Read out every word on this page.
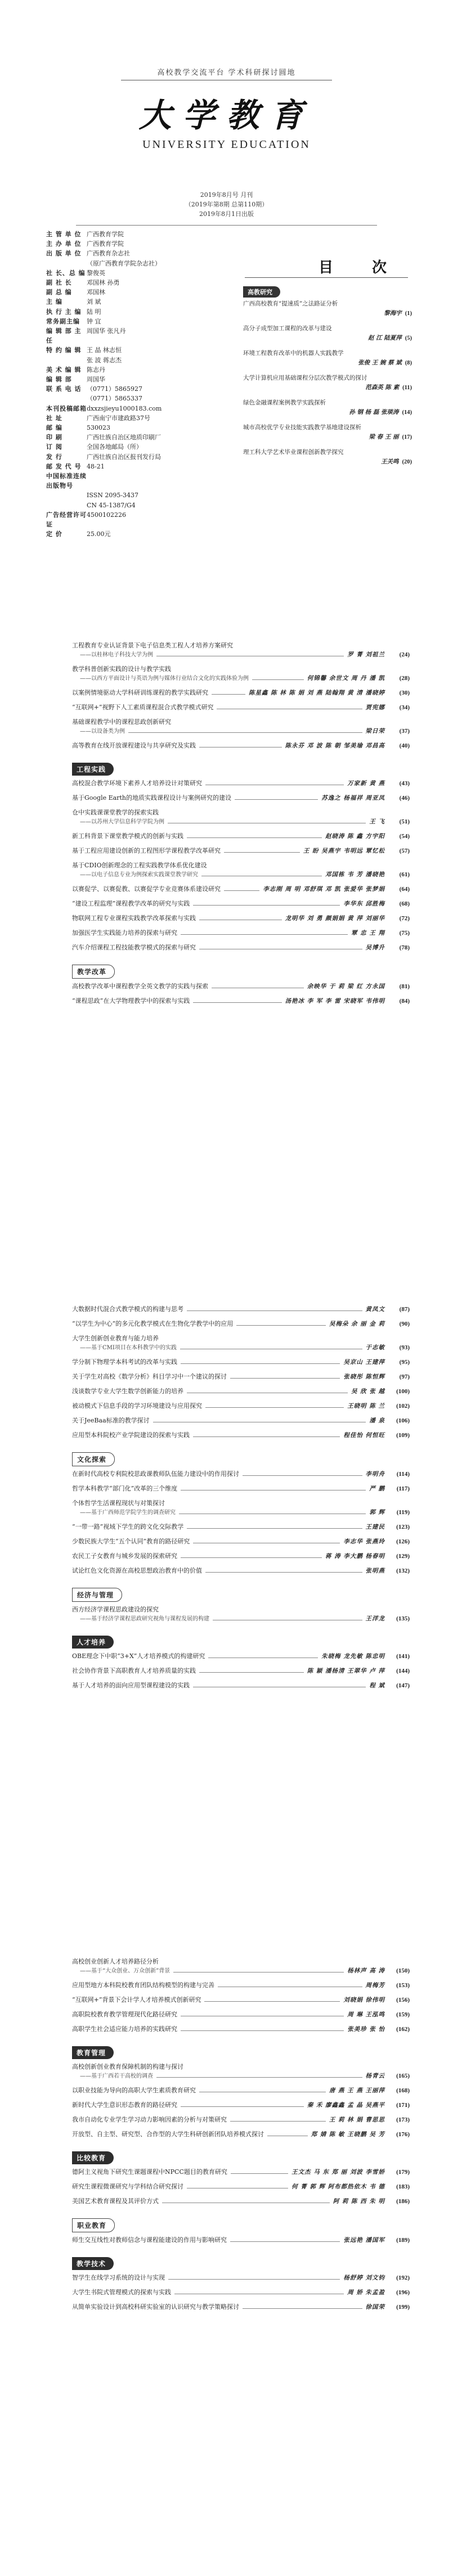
高校教学交流平台 学术科研探讨圆地
大学教育
UNIVERSITY EDUCATION
2019年8月号 月刊
（2019年第8期 总第110期）
2019年8月1日出版
主 管 单 位 广西教育学院
主 办 单 位 广西教育学院
出 版 单 位 广西教育杂志社
（原广西教育学院杂志社）
社 长、总 编 黎俊英
副 社 长	邓国林 孙勇
副 总 编	邓国林
主 编	刘 斌
执 行 主 编 陆 明
常务副主编	钟 宜
编 辑 部 主 任
周国华 张凡丹
特 约 编 辑 王 晶 林志恒
张 波 蒋志杰
美 术 编 辑 陈志丹
编 辑 部	周国华
联 系 电 话 （0771）5865927
（0771）5865337
本刊投稿邮箱 dxxzsjieyu1000183.com
社 址	广西南宁市建政路37号
邮 编	530023
印 刷	广西壮族自治区地质印刷厂
订 阅	全国各地邮局（所）
发 行	广西壮族自治区报刊发行局
邮 发 代 号 48-21
中国标准连续出版物号
ISSN 2095-3437
CN 45-1387/G4
广告经营许可证
4500102226
定 价	25.00元
目 次
高教研究
广西高校教育“提速质”之法路证分析
黎海宇 (1)
高分子成型加工课程的改革与建设
赵 江 陆夏萍 (5)
环境工程教育改革中的机器人实践教学
张俊 王 婉 蔡 斌 (8)
大学计算机应用基础课程分层次教学模式的探讨
范森英 陈 素 (11)
绿色金融课程案例教学实践探析
孙 钢 杨 磊 张琰涛 (14)
城市高校优学专业技能实践教学基地建设探析
梁 春 王 丽 (17)
理工科大学艺术毕业课程创新教学探究
王关鸣 (20)
工程教育专业认证背景下电子信息类工程人才培养方案研究
——以桂林电子科技大学为例	罗 菁 刘祖兰	(24)
教学科普创新实践的设计与教学实践
——以西方平面设计与英语为例与媒体行业结合文化的实践体验为例	何锦馨 余世文 周 丹 潘 凯	(28)
以案例情境驱动大学科研训练课程的教学实践研究	陈星鑫 陈 林 陈 娟 刘 燕 陆翰翔 黄 清 潘晓婷	(30)
“互联网+”视野下人工素质课程混合式教学模式研究	贾宪娜	(34)
基础课程教学中的课程思政创新研究
——以设备类为例	梁日荣	(37)
高等教育在线开放课程建设与共享研究及实践	陈永芬 邓 波 陈 朝 邹美瑜 邓昌高	(40)
工程实践
高校混合教学环境下素养人才培养设计对策研究	万家新 黄 燕	(43)
基于Google Earth的地质实践课程设计与案例研究的建设	苏逸之 杨福祥 周亚凤	(46)
仓中实践课课堂教学的探索实践
——以苏州大学信息科学学院为例	王 飞	(51)
新工科背景下课堂教学模式的创新与实践	赵晓涛 陈 鑫 方宇阳	(54)
基于工程应用建设创新的工程图形学课程教学改革研究	王 盼 吴燕宇 韦明远 覃忆松	(57)
基于CDIO创新理念的工程实践教学体系优化建设
——以电子信息专业为例探索实践课堂教学研究	邓国栋 韦 芳 潘晓艳	(61)
以赛促学、以赛促教、以赛促学专业竞赛体系建设研究	李志刚 周 明 邓舒琪 邓 凯 张爱华 张梦娟	(64)
“建设工程监理”课程教学改革的研究与实践	李华东 邱胜梅	(68)
物联网工程专业课程实践教学改革探索与实践	龙明华 刘 勇 颜娟娟 黄 萍 刘丽华	(72)
加强医学生实践能力培养的探索与研究	覃 忠 王 翔	(75)
汽车介绍课程工程技能教学模式的探索与研究	吴博升	(78)
教学改革
高校教学改革中课程教学全英文教学的实践与探索	余映华 于 莉 梁 红 方永国	(81)
“课程思政”在大学物理教学中的探索与实践	汤艳冰 李 军 李 雷 宋晓军 韦伟明	(84)
大数据时代混合式教学模式的构建与思考	黄凤文	(87)
“以学生为中心”的多元化教学模式在生物化学教学中的应用	吴梅朵 余 丽 金 莉	(90)
大学生创新创业教育与能力培养
——基于CMI项目在本科教学中的实践	于志敏	(93)
学分制下物理学本科考试的改革与实践	吴京山 王建萍	(95)
关于学生对高校《数学分析》科目学习中一个建议的探讨	张晓彤 陈恒辉	(97)
浅谈数学专业大学生数学创新能力的培养	吴 欣 张 越	(100)
被动模式下信息手段的学习环境建设与应用探究	王晓明 陈 兰	(102)
关于JeeBaa标准的教学探讨	潘 泉	(106)
应用型本科院校产业学院建设的探索与实践	程佳怡 何恒旺	(109)
文化探索
在新时代高校专利院校思政课教师队伍能力建设中的作用探讨	李明舟	(114)
哲学本科教学“部门化”改革的三个维度	严 鹏	(117)
个体哲学生活课程现状与对策探讨
——基于广西师范学院学生的调查研究	郭 辉	(119)
“一带一路”视域下学生的跨文化交际教学	王建民	(123)
少数民族大学生“五个认同”教育的路径研究	李志华 张燕玲	(126)
农民工子女教育与城乡发展的探索研究	蒋 涛 李大鹏 杨春明	(129)
试论红色文化资源在高校思想政治教育中的价值	张明燕	(132)
经济与管理
西方经济学课程思政建设的探究
——基于经济学课程思政研究视角与课程发展的构建	王洋龙	(135)
人才培养
OBE理念下中职“3+X”人才培养模式的构建研究	朱晓梅 龙先敏 陈忠明	(141)
社会协作背景下高职教育人才培养质量的实践	陈 颖 潘杨清 王翠华 卢 萍	(144)
基于人才培养的面向应用型课程建设的实践	程 斌	(147)
高校创业创新人才培养路径分析
——基于“大众创业、万众创新”背景	杨林声 高 涛	(150)
应用型地方本科院校教育团队结构模型的构建与完善	周梅芳	(153)
“互联网+”背景下会计学人才培养模式创新研究	刘晓娟 徐伟明	(156)
高职院校教育教学管理现代化路径研究	周 琳 王泓鸣	(159)
高职学生社会适应能力培养的实践研究	张美珍 张 怡	(162)
教育管理
高校创新创业教育保障机制的构建与探讨
——基于广西若干高校的调查	杨青云	(165)
以职业技能为导向的高职大学生素质教育研究	唐 燕 王 燕 王丽萍	(168)
新时代大学生意识形态教育的路径研究	秦 禾 廖鑫鑫 孟 晶 吴燕平	(171)
我市自动化专业学生学习动力影响因素的分析与对策研究	王 莉 林 娟 曹思思	(173)
开放型、自主型、研究型、合作型的大学生科研创新团队培养模式探讨	郑 婧 陈 敏 王晓鹏 吴 芳	(176)
比较教育
德阿主义视角下研究生课题课程中NPCC题目的教育研究	王文杰 马 东 郑 丽 刘波 李雪娇	(179)
研究生课程微课研究与学科结合研究探讨	何 菁 郭 辉 阿布都热依木 韦 德	(183)
美国艺术教育课程及其评价方式	阿 莉 陈 西 朱 明	(186)
职业教育
师生交互线性对教师信念与课程能建设的作用与影响研究	张远艳 潘国军	(189)
教学技术
智学生在线学习系统的设计与实现	杨舒婷 刘文钧	(192)
大学生书院式管理模式的探索与实践	周 娇 朱孟盈	(196)
从简单实验设计到高校科研实验室的认识研究与教学策略探讨	徐国荣	(199)
